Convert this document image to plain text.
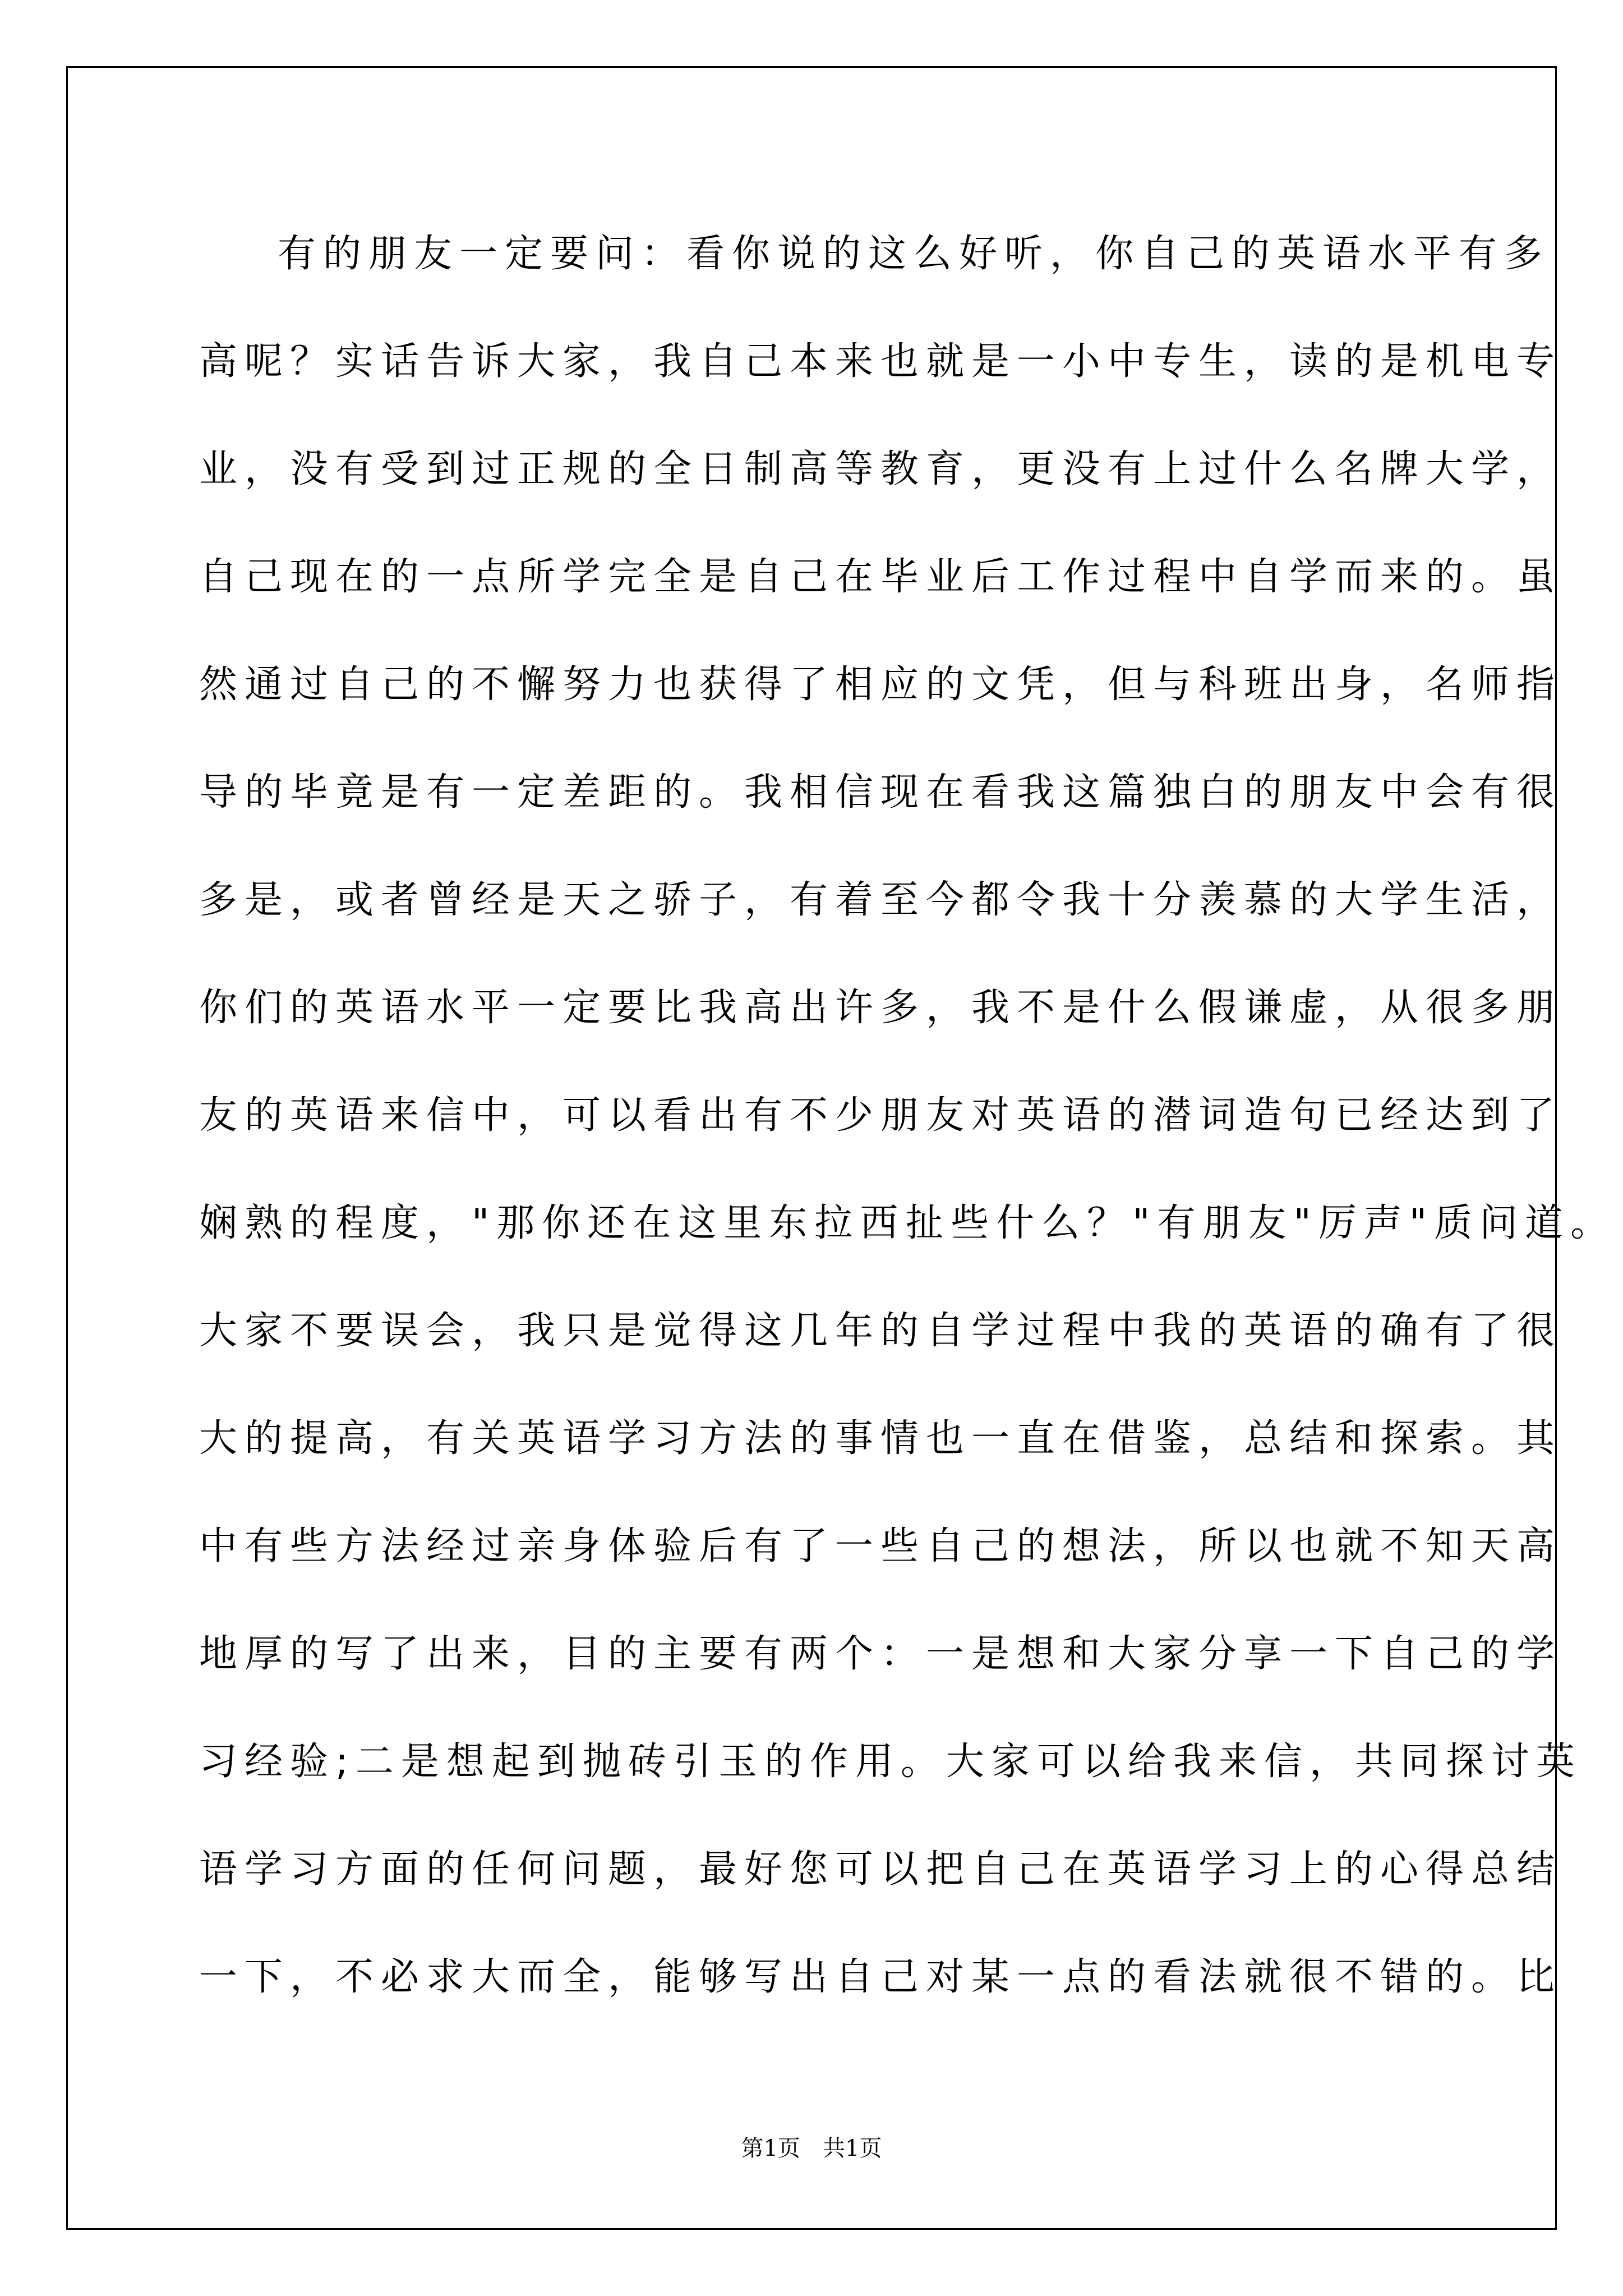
有的朋友一定要问：看你说的这么好听，你自己的英语水平有多
高呢？实话告诉大家，我自己本来也就是一小中专生，读的是机电专
业，没有受到过正规的全日制高等教育，更没有上过什么名牌大学，
自己现在的一点所学完全是自己在毕业后工作过程中自学而来的。虽
然通过自己的不懈努力也获得了相应的文凭，但与科班出身，名师指
导的毕竟是有一定差距的。我相信现在看我这篇独白的朋友中会有很
多是，或者曾经是天之骄子，有着至今都令我十分羡慕的大学生活，
你们的英语水平一定要比我高出许多，我不是什么假谦虚，从很多朋
友的英语来信中，可以看出有不少朋友对英语的潜词造句已经达到了
娴熟的程度，"那你还在这里东拉西扯些什么？"有朋友"厉声"质问道。
大家不要误会，我只是觉得这几年的自学过程中我的英语的确有了很
大的提高，有关英语学习方法的事情也一直在借鉴，总结和探索。其
中有些方法经过亲身体验后有了一些自己的想法，所以也就不知天高
地厚的写了出来，目的主要有两个：一是想和大家分享一下自己的学
习经验;二是想起到抛砖引玉的作用。大家可以给我来信，共同探讨英
语学习方面的任何问题，最好您可以把自己在英语学习上的心得总结
一下，不必求大而全，能够写出自己对某一点的看法就很不错的。比
第1页　共1页
